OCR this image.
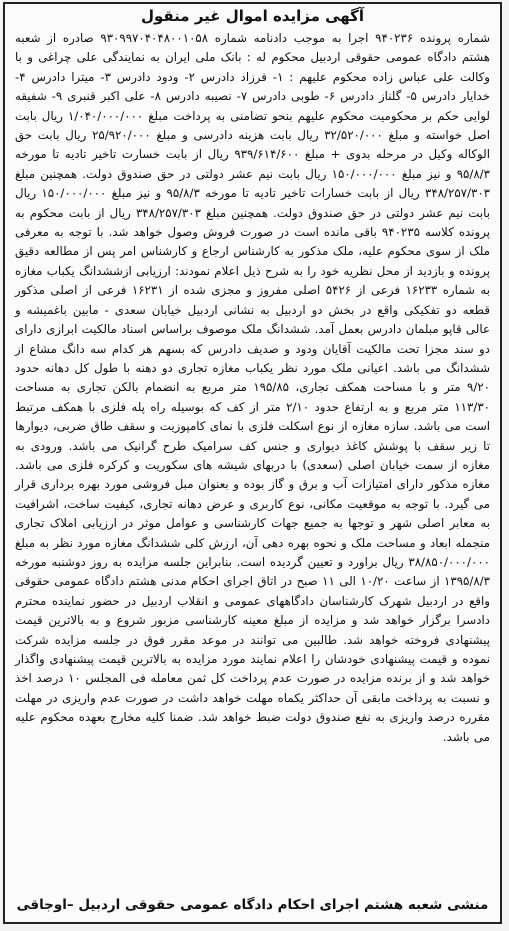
آگهی مزایده اموال غیر منقول
شماره پرونده ۹۴۰۲۳۶ اجرا به موجب دادنامه شماره ۹۳۰۹۹۷۰۴۰۴۸۰۰۱۰۵۸ صادره از شعبه هشتم دادگاه عمومی حقوقی اردبیل محکوم له : بانک ملی ایران به نمایندگی علی چراغی و با وکالت علی عباس زاده محکوم علیهم : ۱- فرزاد دادرس ۲- ودود دادرس ۳- میترا دادرس ۴- خدایار دادرس ۵- گلناز دادرس ۶- طوبی دادرس ۷- نصیبه دادرس ۸- علی اکبر قنبری ۹- شفیقه لوایی حکم بر محکومیت محکوم علیهم بنحو تضامنی به پرداخت مبلغ ۱/۰۴۰/۰۰۰/۰۰۰ ریال بابت اصل خواسته و مبلغ ۳۲/۵۲۰/۰۰۰ ریال بابت هزینه دادرسی و مبلغ ۲۵/۹۲۰/۰۰۰ ریال بابت حق الوکاله وکیل در مرحله بدوی + مبلغ ۹۳۹/۶۱۴/۶۰۰ ریال از بابت خسارت تاخیر تادیه تا مورخه ۹۵/۸/۳ و نیز مبلغ ۱۵۰/۰۰۰/۰۰۰ ریال بابت نیم عشر دولتی در حق صندوق دولت. همچنین مبلغ ۳۴۸/۲۵۷/۳۰۳ ریال از بابت خسارات تاخیر تادیه تا مورخه ۹۵/۸/۳ و نیز مبلغ ۱۵۰/۰۰۰/۰۰۰ ریال بابت نیم عشر دولتی در حق صندوق دولت. همچنین مبلغ ۳۴۸/۲۵۷/۳۰۳ ریال از بابت محکوم به پرونده کلاسه ۹۴۰۲۳۵ باقی مانده است در صورت فروش وصول خواهد شد. با توجه به معرفی ملک از سوی محکوم علیه، ملک مذکور به کارشناس ارجاع و کارشناس امر پس از مطالعه دقیق پرونده و بازدید از محل نظریه خود را به شرح ذیل اعلام نمودند: ارزیابی ازششدانگ یکباب مغازه به شماره ۱۶۲۳۳ فرعی از ۵۴۲۶ اصلی مفروز و مجزی شده از ۱۶۲۳۱ فرعی از اصلی مذکور قطعه دو تفکیکی واقع در بخش دو اردبیل به نشانی اردبیل خیابان سعدی - مابین باغمیشه و عالی قاپو مبلمان دادرس بعمل آمد. ششدانگ ملک موصوف براساس اسناد مالکیت ابرازی دارای دو سند مجزا تحت مالکیت آقایان ودود و صدیف دادرس که بسهم هر کدام سه دانگ مشاع از ششدانگ می باشد. اعیانی ملک مورد نظر یکباب مغازه تجاری دو دهنه با طول کل دهانه حدود ۹/۲۰ متر و با مساحت همکف تجاری، ۱۹۵/۸۵ متر مربع به انضمام بالکن تجاری به مساحت ۱۱۳/۳۰ متر مربع و به ارتفاع حدود ۲/۱۰ متر از کف که بوسیله راه پله فلزی با همکف مرتبط است می باشد. سازه مغازه از نوع اسکلت فلزی با نمای کامپوزیت و سقف طاق ضربی، دیوارها تا زیر سقف با پوشش کاغذ دیواری و جنس کف سرامیک طرح گرانیک می باشد. ورودی به مغازه از سمت خیابان اصلی (سعدی) با دربهای شیشه های سکوریت و کرکره فلزی می باشد. مغازه مذکور دارای امتیازات آب و برق و گاز بوده و بعنوان مبل فروشی مورد بهره برداری قرار می گیرد. با توجه به موقعیت مکانی، نوع کاربری و عرض دهانه تجاری، کیفیت ساخت، اشرافیت به معابر اصلی شهر و توجها به جمیع جهات کارشناسی و عوامل موثر در ارزیابی املاک تجاری منجمله ابعاد و مساحت ملک و نحوه بهره دهی آن، ارزش کلی ششدانگ مغازه مورد نظر به مبلغ ۳۸/۸۵۰/۰۰۰/۰۰۰ ریال براورد و تعیین گردیده است. بنابراین جلسه مزایده به روز دوشنبه مورخه ۱۳۹۵/۸/۳ از ساعت ۱۰/۲۰ الی ۱۱ صبح در اتاق اجرای احکام مدنی هشتم دادگاه عمومی حقوقی واقع در اردبیل شهرک کارشناسان دادگاههای عمومی و انقلاب اردبیل در حضور نماینده محترم دادسرا برگزار خواهد شد و مزایده از مبلغ معینه کارشناسی مزبور شروع و به بالاترین قیمت پیشنهادی فروخته خواهد شد. طالبین می توانند در موعد مقرر فوق در جلسه مزایده شرکت نموده و قیمت پیشنهادی خودشان را اعلام نمایند مورد مزایده به بالاترین قیمت پیشنهادی واگذار خواهد شد و از برنده مزایده در صورت عدم پرداخت کل ثمن معامله فی المجلس ۱۰ درصد اخذ و نسبت به پرداخت مابقی آن حداکثر یکماه مهلت خواهد داشت در صورت عدم واریزی در مهلت مقرره درصد واریزی به نفع صندوق دولت ضبط خواهد شد. ضمنا کلیه مخارج بعهده محکوم علیه می باشد.
منشی شعبه هشتم اجرای احکام دادگاه عمومی حقوقی اردبیل –اوجاقی
